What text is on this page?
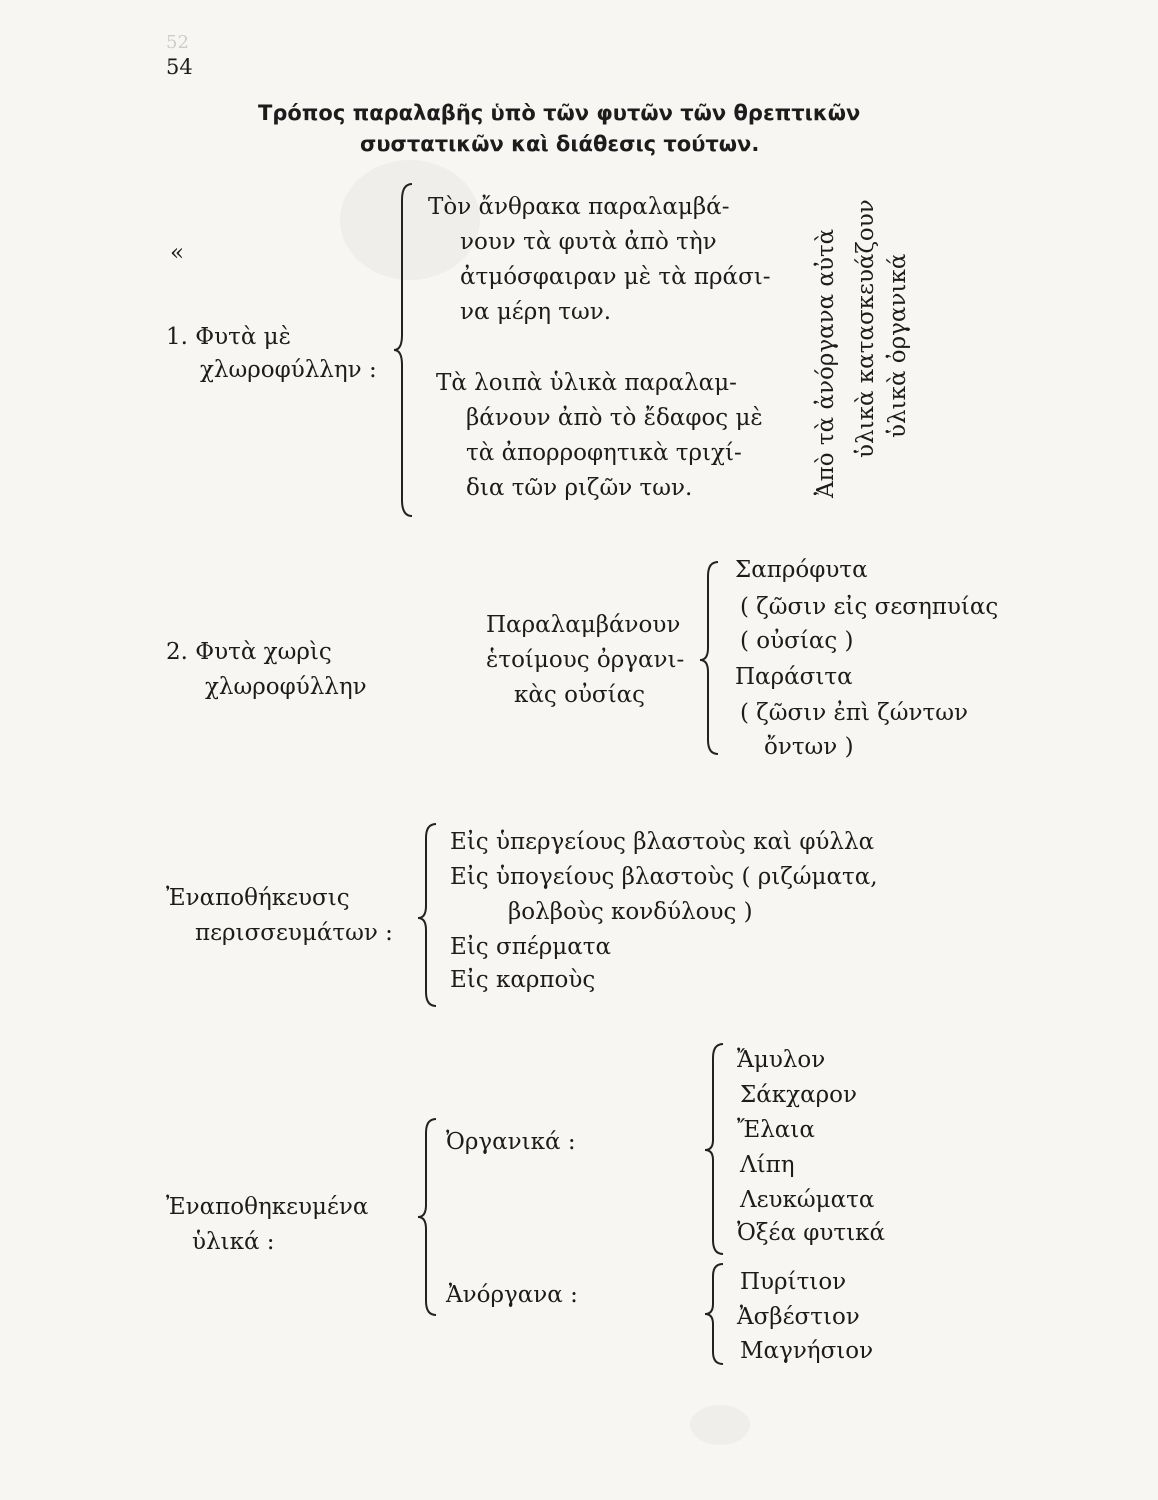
52
54
Τρόπος παραλαβῆς ὑπὸ τῶν φυτῶν τῶν θρεπτικῶν
συστατικῶν καὶ διάθεσις τούτων.
«
1. Φυτὰ μὲ
χλωροφύλλην :
Τὸν ἄνθρακα παραλαμβά-
νουν τὰ φυτὰ ἀπὸ τὴν
ἀτμόσφαιραν μὲ τὰ πράσι-
να μέρη των.
Τὰ λοιπὰ ὑλικὰ παραλαμ-
βάνουν ἀπὸ τὸ ἔδαφος μὲ
τὰ ἀπορροφητικὰ τριχί-
δια τῶν ριζῶν των.	Ἀπὸ τὰ ἀνόργανα αὐτὰ ὑλικὰ κατασκευάζουν ὑλικὰ ὀργανικά
2. Φυτὰ χωρὶς
χλωροφύλλην
Παραλαμβάνουν
ἑτοίμους ὀργανι-
κὰς οὐσίας
Σαπρόφυτα
( ζῶσιν εἰς σεσηπυίας
( οὐσίας )
Παράσιτα
( ζῶσιν ἐπὶ ζώντων
ὄντων )
Ἐναποθήκευσις
περισσευμάτων :
Εἰς ὑπεργείους βλαστοὺς καὶ φύλλα
Εἰς ὑπογείους βλαστοὺς ( ριζώματα,
βολβοὺς κονδύλους )
Εἰς σπέρματα
Εἰς καρποὺς
Ἐναποθηκευμένα
ὑλικά :
Ὀργανικά :
Ἀνόργανα :
Ἄμυλον
Σάκχαρον
Ἔλαια
Λίπη
Λευκώματα
Ὀξέα φυτικά
Πυρίτιον
Ἀσβέστιον
Μαγνήσιον
